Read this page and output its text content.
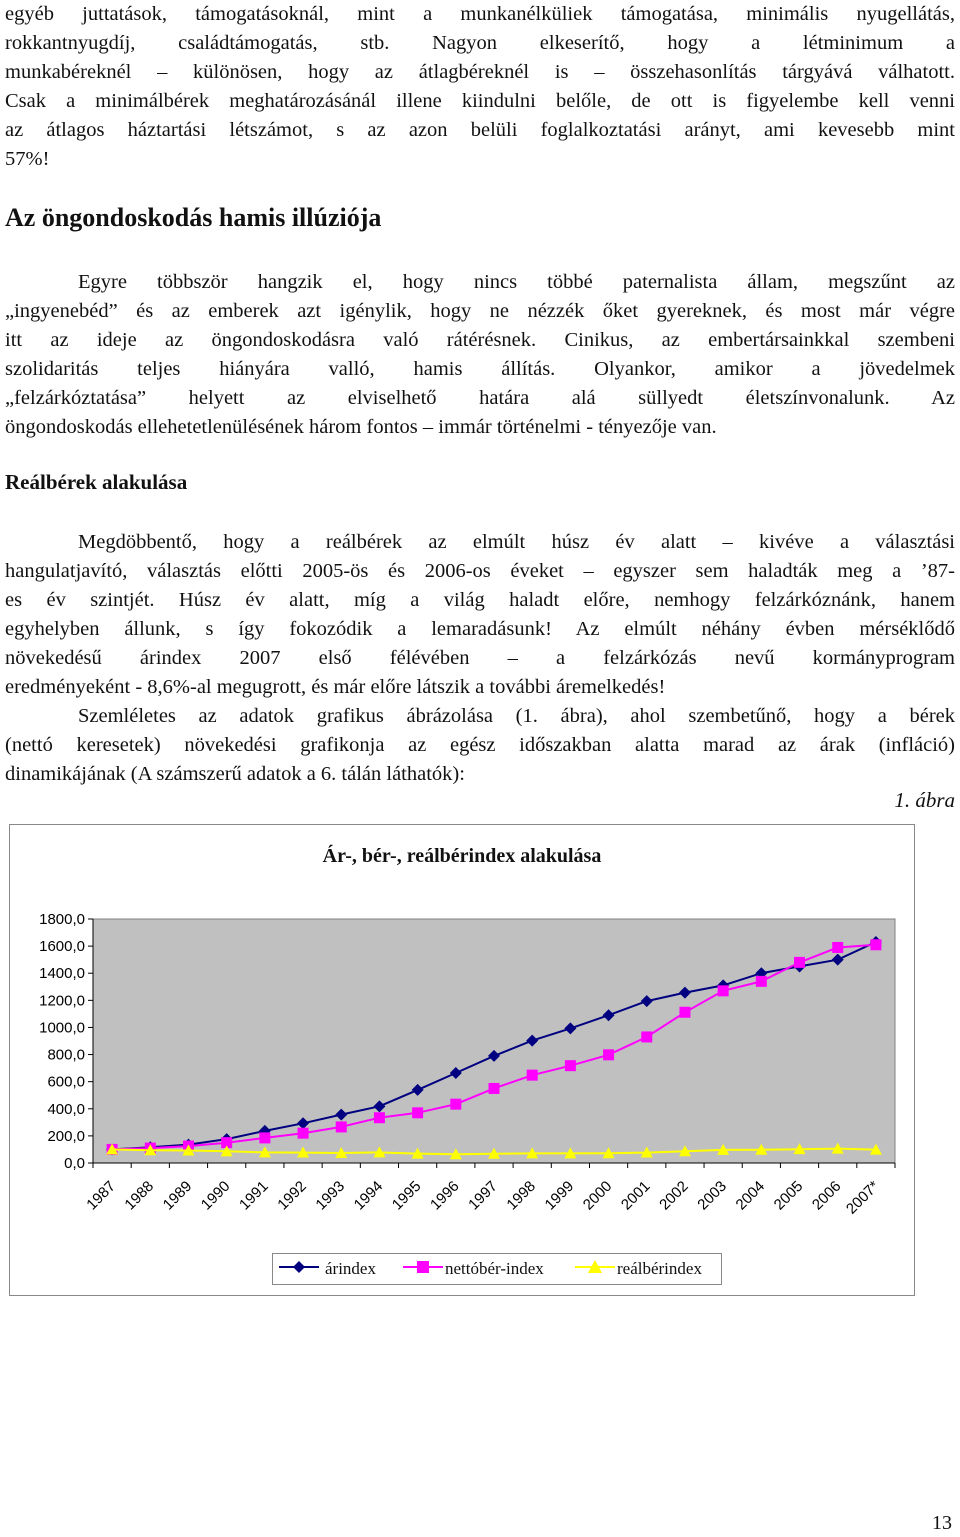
egyéb juttatások, támogatásoknál, mint a munkanélküliek támogatása, minimális nyugellátás,
rokkantnyugdíj, családtámogatás, stb. Nagyon elkeserítő, hogy a létminimum a
munkabéreknél – különösen, hogy az átlagbéreknél is – összehasonlítás tárgyává válhatott.
Csak a minimálbérek meghatározásánál illene kiindulni belőle, de ott is figyelembe kell venni
az átlagos háztartási létszámot, s az azon belüli foglalkoztatási arányt, ami kevesebb mint
57%!
Az öngondoskodás hamis illúziója
Egyre többször hangzik el, hogy nincs többé paternalista állam, megszűnt az
„ingyenebéd” és az emberek azt igénylik, hogy ne nézzék őket gyereknek, és most már végre
itt az ideje az öngondoskodásra való rátérésnek. Cinikus, az embertársainkkal szembeni
szolidaritás teljes hiányára valló, hamis állítás. Olyankor, amikor a jövedelmek
„felzárkóztatása” helyett az elviselhető határa alá süllyedt életszínvonalunk. Az
öngondoskodás ellehetetlenülésének három fontos – immár történelmi - tényezője van.
Reálbérek alakulása
Megdöbbentő, hogy a reálbérek az elmúlt húsz év alatt – kivéve a választási
hangulatjavító, választás előtti 2005-ös és 2006-os éveket – egyszer sem haladták meg a ’87-
es év szintjét. Húsz év alatt, míg a világ haladt előre, nemhogy felzárkóznánk, hanem
egyhelyben állunk, s így fokozódik a lemaradásunk! Az elmúlt néhány évben mérséklődő
növekedésű árindex 2007 első félévében – a felzárkózás nevű kormányprogram
eredményeként - 8,6%-al megugrott, és már előre látszik a további áremelkedés!
Szemléletes az adatok grafikus ábrázolása (1. ábra), ahol szembetűnő, hogy a bérek
(nettó keresetek) növekedési grafikonja az egész időszakban alatta marad az árak (infláció)
dinamikájának (A számszerű adatok a 6. tálán láthatók):
1. ábra
Ár-, bér-, reálbérindex alakulása
0,0
200,0
400,0
600,0
800,0
1000,0
1200,0
1400,0
1600,0
1800,0
1987 1988 1989 1990 1991 1992 1993 1994 1995 1996 1997 1998 1999 2000 2001 2002 2003 2004 2005 2006
2007*
árindex	nettóbér-index	reálbérindex
13
